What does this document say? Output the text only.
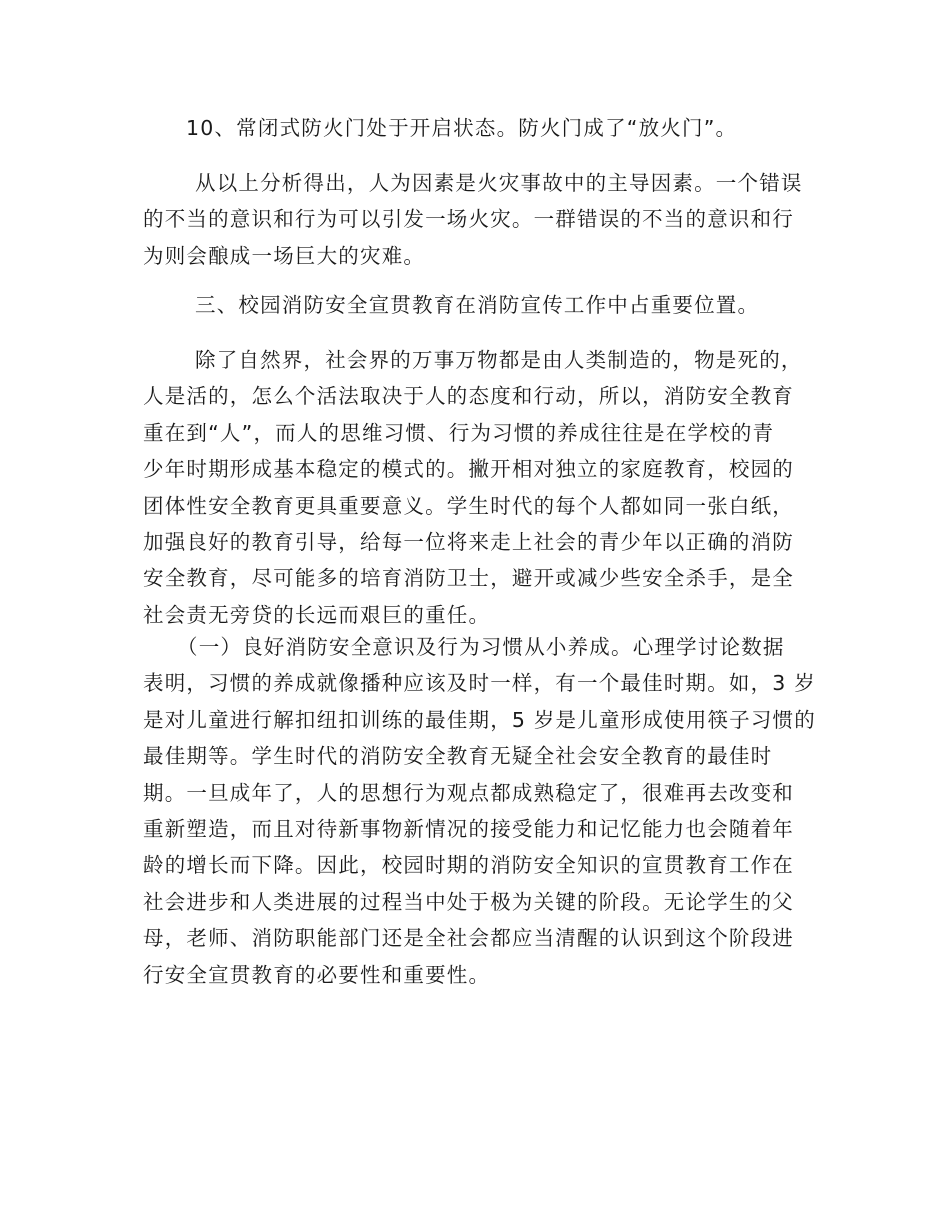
10、常闭式防火门处于开启状态。防火门成了“放火门”。

从以上分析得出，人为因素是火灾事故中的主导因素。一个错误
的不当的意识和行为可以引发一场火灾。一群错误的不当的意识和行
为则会酿成一场巨大的灾难。

三、校园消防安全宣贯教育在消防宣传工作中占重要位置。

除了自然界，社会界的万事万物都是由人类制造的，物是死的，
人是活的，怎么个活法取决于人的态度和行动，所以，消防安全教育
重在到“人”，而人的思维习惯、行为习惯的养成往往是在学校的青
少年时期形成基本稳定的模式的。撇开相对独立的家庭教育，校园的
团体性安全教育更具重要意义。学生时代的每个人都如同一张白纸，
加强良好的教育引导，给每一位将来走上社会的青少年以正确的消防
安全教育，尽可能多的培育消防卫士，避开或减少些安全杀手，是全
社会责无旁贷的长远而艰巨的重任。

（一）良好消防安全意识及行为习惯从小养成。心理学讨论数据
表明，习惯的养成就像播种应该及时一样，有一个最佳时期。如，3 岁
是对儿童进行解扣纽扣训练的最佳期，5 岁是儿童形成使用筷子习惯的
最佳期等。学生时代的消防安全教育无疑全社会安全教育的最佳时
期。一旦成年了，人的思想行为观点都成熟稳定了，很难再去改变和
重新塑造，而且对待新事物新情况的接受能力和记忆能力也会随着年
龄的增长而下降。因此，校园时期的消防安全知识的宣贯教育工作在
社会进步和人类进展的过程当中处于极为关键的阶段。无论学生的父
母，老师、消防职能部门还是全社会都应当清醒的认识到这个阶段进
行安全宣贯教育的必要性和重要性。
